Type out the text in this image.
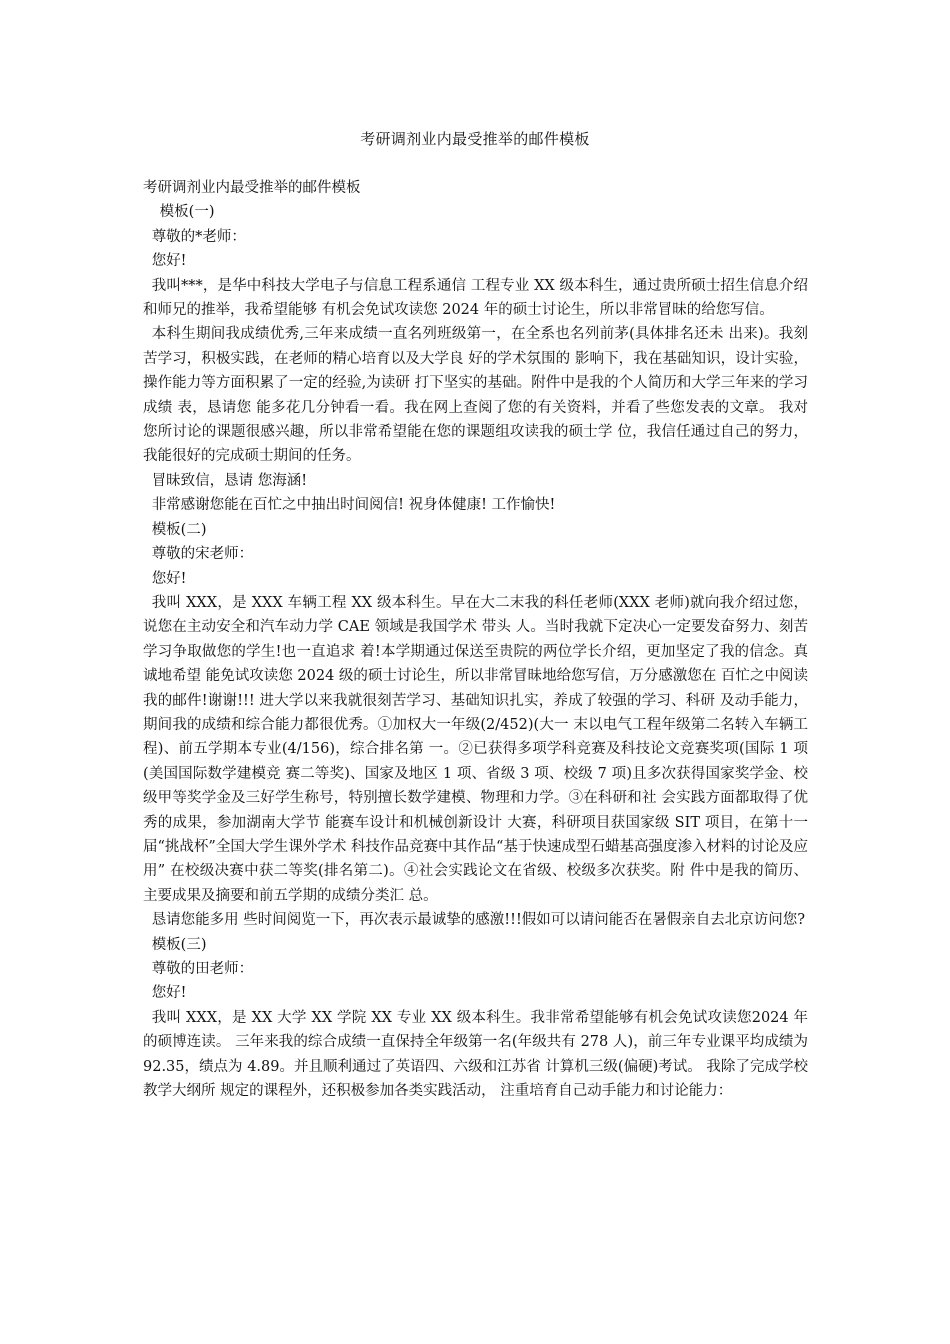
考研调剂业内最受推举的邮件模板

考研调剂业内最受推举的邮件模板

模板(一)

尊敬的*老师：

您好!

我叫***，是华中科技大学电子与信息工程系通信 工程专业 XX 级本科生，通过贵所硕士招生信息介绍和师兄的推举，我希望能够 有机会免试攻读您 2024 年的硕士讨论生，所以非常冒昧的给您写信。

本科生期间我成绩优秀,三年来成绩一直名列班级第一，在全系也名列前茅(具体排名还未 出来)。我刻苦学习，积极实践，在老师的精心培育以及大学良 好的学术氛围的 影响下，我在基础知识，设计实验，操作能力等方面积累了一定的经验,为读研 打下坚实的基础。附件中是我的个人简历和大学三年来的学习成绩 表，恳请您 能多花几分钟看一看。我在网上查阅了您的有关资料，并看了些您发表的文章。 我对您所讨论的课题很感兴趣，所以非常希望能在您的课题组攻读我的硕士学 位，我信任通过自己的努力，我能很好的完成硕士期间的任务。

冒昧致信，恳请 您海涵!

非常感谢您能在百忙之中抽出时间阅信! 祝身体健康! 工作愉快!

模板(二)

尊敬的宋老师：

您好!

我叫 XXX，是 XXX 车辆工程 XX 级本科生。早在大二末我的科任老师(XXX 老师)就向我介绍过您，说您在主动安全和汽车动力学 CAE 领域是我国学术 带头 人。当时我就下定决心一定要发奋努力、刻苦学习争取做您的学生!也一直追求 着!本学期通过保送至贵院的两位学长介绍，更加坚定了我的信念。真诚地希望 能免试攻读您 2024 级的硕士讨论生，所以非常冒昧地给您写信，万分感激您在 百忙之中阅读我的邮件!谢谢!!! 进大学以来我就很刻苦学习、基础知识扎实，养成了较强的学习、科研 及动手能力，期间我的成绩和综合能力都很优秀。①加权大一年级(2/452)(大一 末以电气工程年级第二名转入车辆工程)、前五学期本专业(4/156)，综合排名第 一。②已获得多项学科竞赛及科技论文竞赛奖项(国际 1 项(美国国际数学建模竞 赛二等奖)、国家及地区 1 项、省级 3 项、校级 7 项)且多次获得国家奖学金、校 级甲等奖学金及三好学生称号，特别擅长数学建模、物理和力学。③在科研和社 会实践方面都取得了优秀的成果，参加湖南大学节 能赛车设计和机械创新设计 大赛，科研项目获国家级 SIT 项目，在第十一届“挑战杯”全国大学生课外学术 科技作品竞赛中其作品“基于快速成型石蜡基高强度渗入材料的讨论及应用” 在校级决赛中获二等奖(排名第二)。④社会实践论文在省级、校级多次获奖。附 件中是我的简历、主要成果及摘要和前五学期的成绩分类汇 总。

恳请您能多用 些时间阅览一下，再次表示最诚挚的感激!!!假如可以请问能否在暑假亲自去北京访问您?

模板(三)

尊敬的田老师：

您好!

我叫 XXX，是 XX 大学 XX 学院 XX 专业 XX 级本科生。我非常希望能够有机会免试攻读您2024 年的硕博连读。 三年来我的综合成绩一直保持全年级第一名(年级共有 278 人)，前三年专业课平均成绩为 92.35，绩点为 4.89。并且顺利通过了英语四、六级和江苏省 计算机三级(偏硬)考试。 我除了完成学校教学大纲所 规定的课程外，还积极参加各类实践活动， 注重培育自己动手能力和讨论能力：
